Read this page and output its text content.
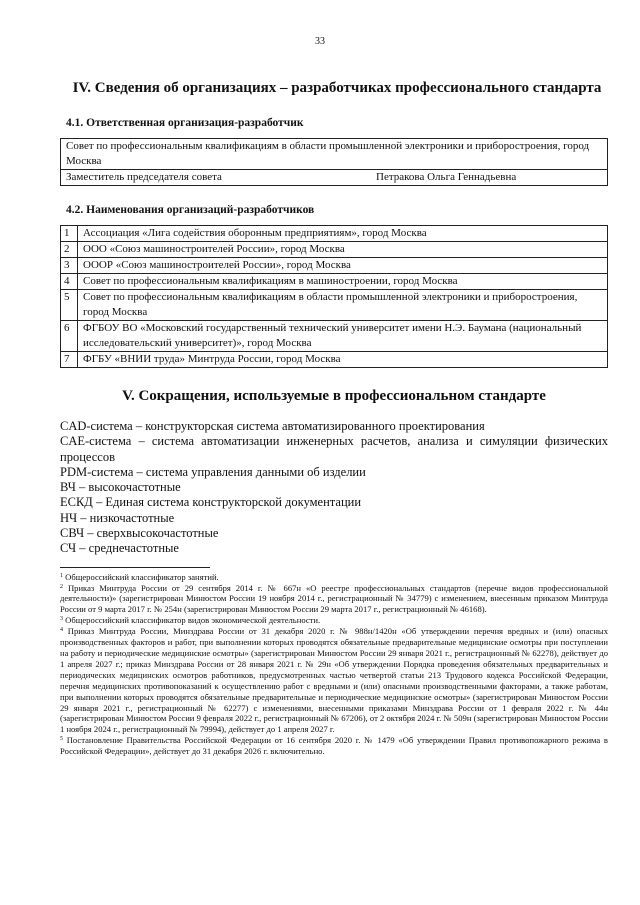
33
IV. Сведения об организациях – разработчиках профессионального стандарта
4.1. Ответственная организация-разработчик
Совет по профессиональным квалификациям в области промышленной электроники и приборостроения, город Москва
Заместитель председателя совета	Петракова Ольга Геннадьевна
4.2. Наименования организаций-разработчиков
1	Ассоциация «Лига содействия оборонным предприятиям», город Москва
2	ООО «Союз машиностроителей России», город Москва
3	ОООР «Союз машиностроителей России», город Москва
4	Совет по профессиональным квалификациям в машиностроении, город Москва
5	Совет по профессиональным квалификациям в области промышленной электроники и приборостроения, город Москва
6	ФГБОУ ВО «Московский государственный технический университет имени Н.Э. Баумана (национальный исследовательский университет)», город Москва
7	ФГБУ «ВНИИ труда» Минтруда России, город Москва
V. Сокращения, используемые в профессиональном стандарте
CAD-система – конструкторская система автоматизированного проектирования
CAE-система – система автоматизации инженерных расчетов, анализа и симуляции физических процессов
PDM-система – система управления данными об изделии
ВЧ – высокочастотные
ЕСКД – Единая система конструкторской документации
НЧ – низкочастотные
СВЧ – сверхвысокочастотные
СЧ – среднечастотные

$^1$ Общероссийский классификатор занятий.

$^2$ Приказ Минтруда России от 29 сентября 2014 г. № 667н «О реестре профессиональных стандартов (перечне видов профессиональной деятельности)» (зарегистрирован Минюстом России 19 ноября 2014 г., регистрационный № 34779) с изменением, внесенным приказом Минтруда России от 9 марта 2017 г. № 254н (зарегистрирован Минюстом России 29 марта 2017 г., регистрационный № 46168).

$^3$ Общероссийский классификатор видов экономической деятельности.

$^4$ Приказ Минтруда России, Минздрава России от 31 декабря 2020 г. № 988н/1420н «Об утверждении перечня вредных и (или) опасных производственных факторов и работ, при выполнении которых проводятся обязательные предварительные медицинские осмотры при поступлении на работу и периодические медицинские осмотры» (зарегистрирован Минюстом России 29 января 2021 г., регистрационный № 62278), действует до 1 апреля 2027 г.; приказ Минздрава России от 28 января 2021 г. № 29н «Об утверждении Порядка проведения обязательных предварительных и периодических медицинских осмотров работников, предусмотренных частью четвертой статьи 213 Трудового кодекса Российской Федерации, перечня медицинских противопоказаний к осуществлению работ с вредными и (или) опасными производственными факторами, а также работам, при выполнении которых проводятся обязательные предварительные и периодические медицинские осмотры» (зарегистрирован Минюстом России 29 января 2021 г., регистрационный № 62277) с изменениями, внесенными приказами Минздрава России от 1 февраля 2022 г. № 44н (зарегистрирован Минюстом России 9 февраля 2022 г., регистрационный № 67206), от 2 октября 2024 г. № 509н (зарегистрирован Минюстом России 1 ноября 2024 г., регистрационный № 79994), действует до 1 апреля 2027 г.

$^5$ Постановление Правительства Российской Федерации от 16 сентября 2020 г. № 1479 «Об утверждении Правил противопожарного режима в Российской Федерации», действует до 31 декабря 2026 г. включительно.
